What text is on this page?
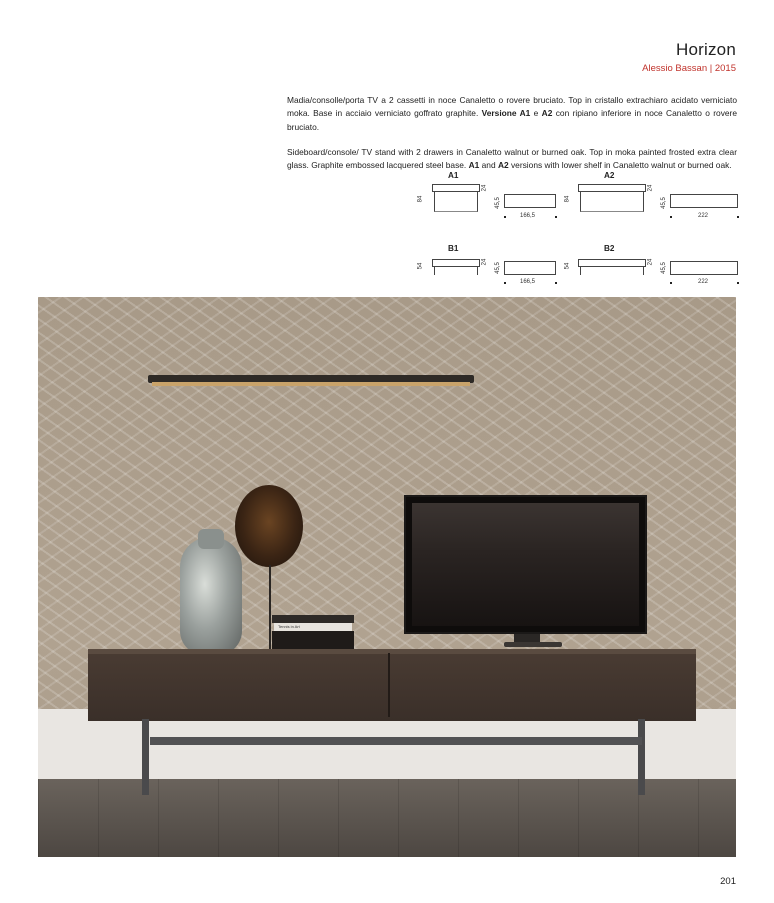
Horizon
Alessio Bassan | 2015

Madia/consolle/porta TV a 2 cassetti in noce Canaletto o rovere bruciato. Top in cristallo extrachiaro acidato verniciato moka. Base in acciaio verniciato goffrato graphite. Versione A1 e A2 con ripiano inferiore in noce Canaletto o rovere bruciato.

Sideboard/console/ TV stand with 2 drawers in Canaletto walnut or burned oak. Top in moka painted frosted extra clear glass. Graphite embossed lacquered steel base. A1 and A2 versions with lower shelf in Canaletto walnut or burned oak.

A1
84
24
45,5
166,5
A2
84
24
45,5
222
B1
54
24
45,5
166,5
B2
54
24
45,5
222
Tennis in Art
201
